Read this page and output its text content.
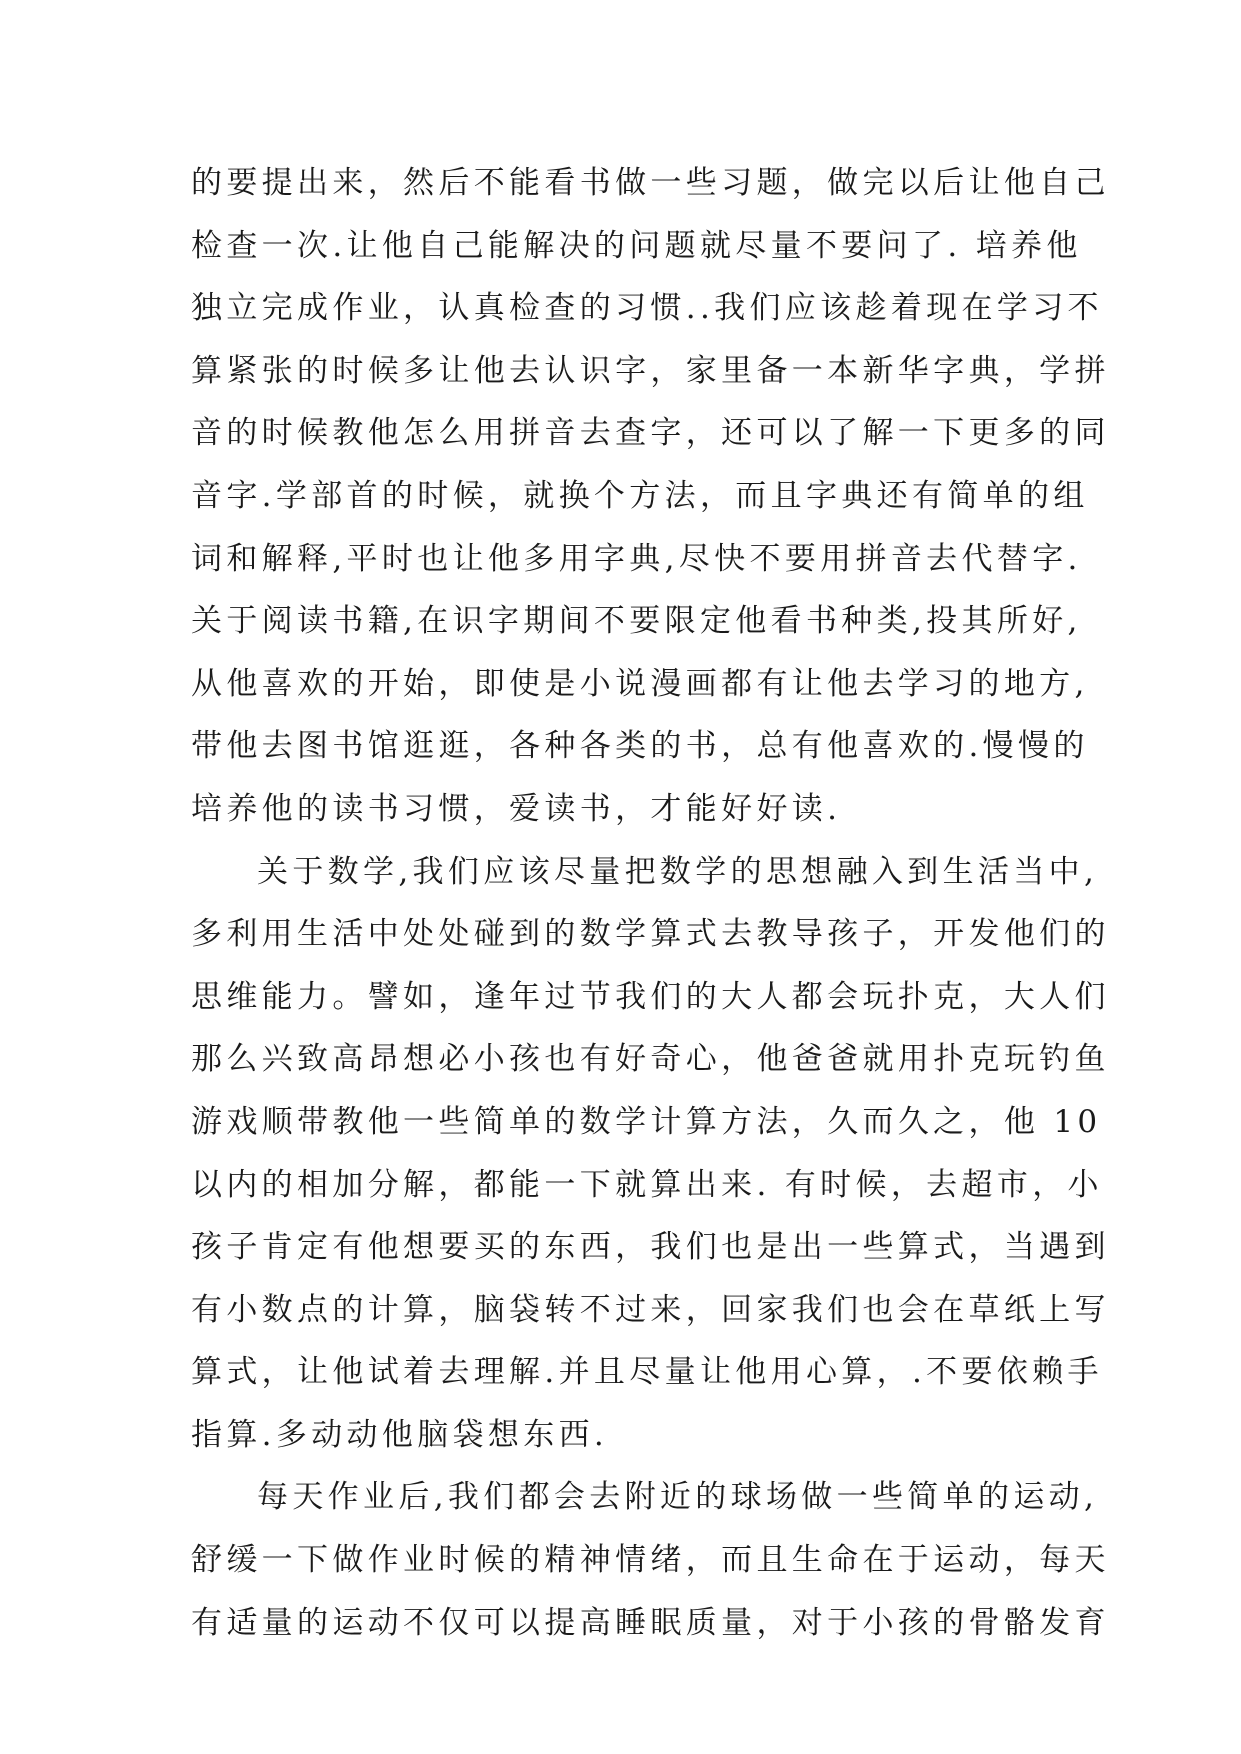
的要提出来，然后不能看书做一些习题，做完以后让他自己
检查一次.让他自己能解决的问题就尽量不要问了. 培养他
独立完成作业，认真检查的习惯..我们应该趁着现在学习不
算紧张的时候多让他去认识字，家里备一本新华字典，学拼
音的时候教他怎么用拼音去查字，还可以了解一下更多的同
音字.学部首的时候，就换个方法，而且字典还有简单的组
词和解释,平时也让他多用字典,尽快不要用拼音去代替字.
关于阅读书籍,在识字期间不要限定他看书种类,投其所好,
从他喜欢的开始，即使是小说漫画都有让他去学习的地方,
带他去图书馆逛逛，各种各类的书，总有他喜欢的.慢慢的
培养他的读书习惯，爱读书，才能好好读.
关于数学,我们应该尽量把数学的思想融入到生活当中,
多利用生活中处处碰到的数学算式去教导孩子，开发他们的
思维能力。譬如，逢年过节我们的大人都会玩扑克，大人们
那么兴致高昂想必小孩也有好奇心，他爸爸就用扑克玩钓鱼
游戏顺带教他一些简单的数学计算方法，久而久之，他 10
以内的相加分解，都能一下就算出来. 有时候，去超市，小
孩子肯定有他想要买的东西，我们也是出一些算式，当遇到
有小数点的计算，脑袋转不过来，回家我们也会在草纸上写
算式，让他试着去理解.并且尽量让他用心算，.不要依赖手
指算.多动动他脑袋想东西.
每天作业后,我们都会去附近的球场做一些简单的运动,
舒缓一下做作业时候的精神情绪，而且生命在于运动，每天
有适量的运动不仅可以提高睡眠质量，对于小孩的骨骼发育
